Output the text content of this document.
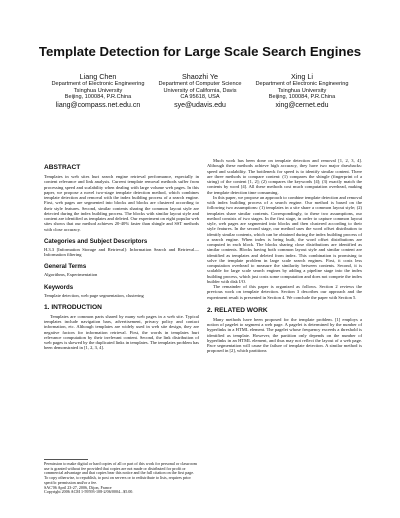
Template Detection for Large Scale Search Engines
Liang Chen
Department of Electronic Engineering
Tsinghua University
Beijing, 100084, P.R.China
liang@compass.net.edu.cn
Shaozhi Ye
Department of Computer Science
University of California, Davis
CA 95618, USA
sye@udavis.edu
Xing Li
Department of Electronic Engineering
Tsinghua University
Beijing, 100084, P.R.China
xing@cernet.edu
ABSTRACT

Templates in web sites hurt search engine retrieval performance, especially in content relevance and link analysis. Current template removal methods suffer from processing speed and scalability when dealing with large volume web pages. In this paper, we propose a novel two-stage template detection method, which combines template detection and removal with the index building process of a search engine. First, web pages are segmented into blocks and blocks are clustered according to their style features. Second, similar contents sharing the common layout style are detected during the index building process. The blocks with similar layout style and content are identified as templates and deleted. Our experiment on eight popular web sites shows that our method achieves 20-40% faster than shingle and SST methods with close accuracy.

Categories and Subject Descriptors

H.3.3 [Information Storage and Retrieval]: Information Search and Retrieval—Information filtering

General Terms

Algorithms, Experimentation

Keywords

Template detection, web page segmentation, clustering

1. INTRODUCTION

Templates are common parts shared by many web pages in a web site. Typical templates include navigation bars, advertisement, privacy policy and contact information, etc. Although templates are widely used in web site design, they are negative factors for information retrieval. First, the words in templates hurt relevance computation by their irrelevant content. Second, the link distribution of web pages is skewed by the duplicated links in templates. The templates problem has been demonstrated in [1, 2, 3, 4].

Permission to make digital or hard copies of all or part of this work for personal or classroom use is granted without fee provided that copies are not made or distributed for profit or commercial advantage and that copies bear this notice and the full citation on the first page. To copy otherwise, to republish, to post on servers or to redistribute to lists, requires prior specific permission and/or a fee.
SAC'06 April 23-27, 2006, Dijon, France
Copyright 2006 ACM 1-59593-108-2/06/0004...$5.00.

Much work has been done on template detection and removal [1, 2, 3, 4]. Although these methods achieve high accuracy, they have two major drawbacks: speed and scalability. The bottleneck for speed is to identify similar content. There are three methods to compare content: (1) compares the shingle (fingerprint of a string) of the content [1, 2]; (2) compares the keywords [4]; (3) exactly match the contents by word [4]. All these methods cost much computation overhead, making the template detection time consuming.

In this paper, we propose an approach to combine template detection and removal with index building process of a search engine. Our method is based on the following two assumptions: (1) templates in a site share a common layout style; (2) templates share similar contents. Correspondingly, to these two assumptions, our method consists of two stages. In the first stage, in order to capture common layout style, web pages are segmented into blocks and then clustered according to their style features. In the second stage, our method uses the word offset distribution to identify similar contents, which can be obtained during the index building process of a search engine. When index is being built, the word offset distributions are computed in each block. The blocks sharing close distributions are identified as similar contents. Blocks having both common layout style and similar content are identified as templates and deleted from index. This combination is promising to solve the template problem in large scale search engines. First, it costs less computation overhead to measure the similarity between contents. Second, it is scalable for large scale search engines by adding a pipeline stage into the index building process, which just costs some computation and does not compete the index builder with disk I/O.

The remainder of this paper is organized as follows. Section 2 reviews the previous work on template detection. Section 3 describes our approach and the experiment result is presented in Section 4. We conclude the paper with Section 5.

2. RELATED WORK

Many methods have been proposed for the template problem. [1] employs a notion of pagelet to segment a web page. A pagelet is determined by the number of hyperlinks in a HTML element. The pagelet whose frequency exceeds a threshold is identified as template. However, the partition only depends on the number of hyperlinks in an HTML element, and thus may not reflect the layout of a web page. Pace segmentation will cause the failure of template detection. A similar method is proposed in [2], which partitions
